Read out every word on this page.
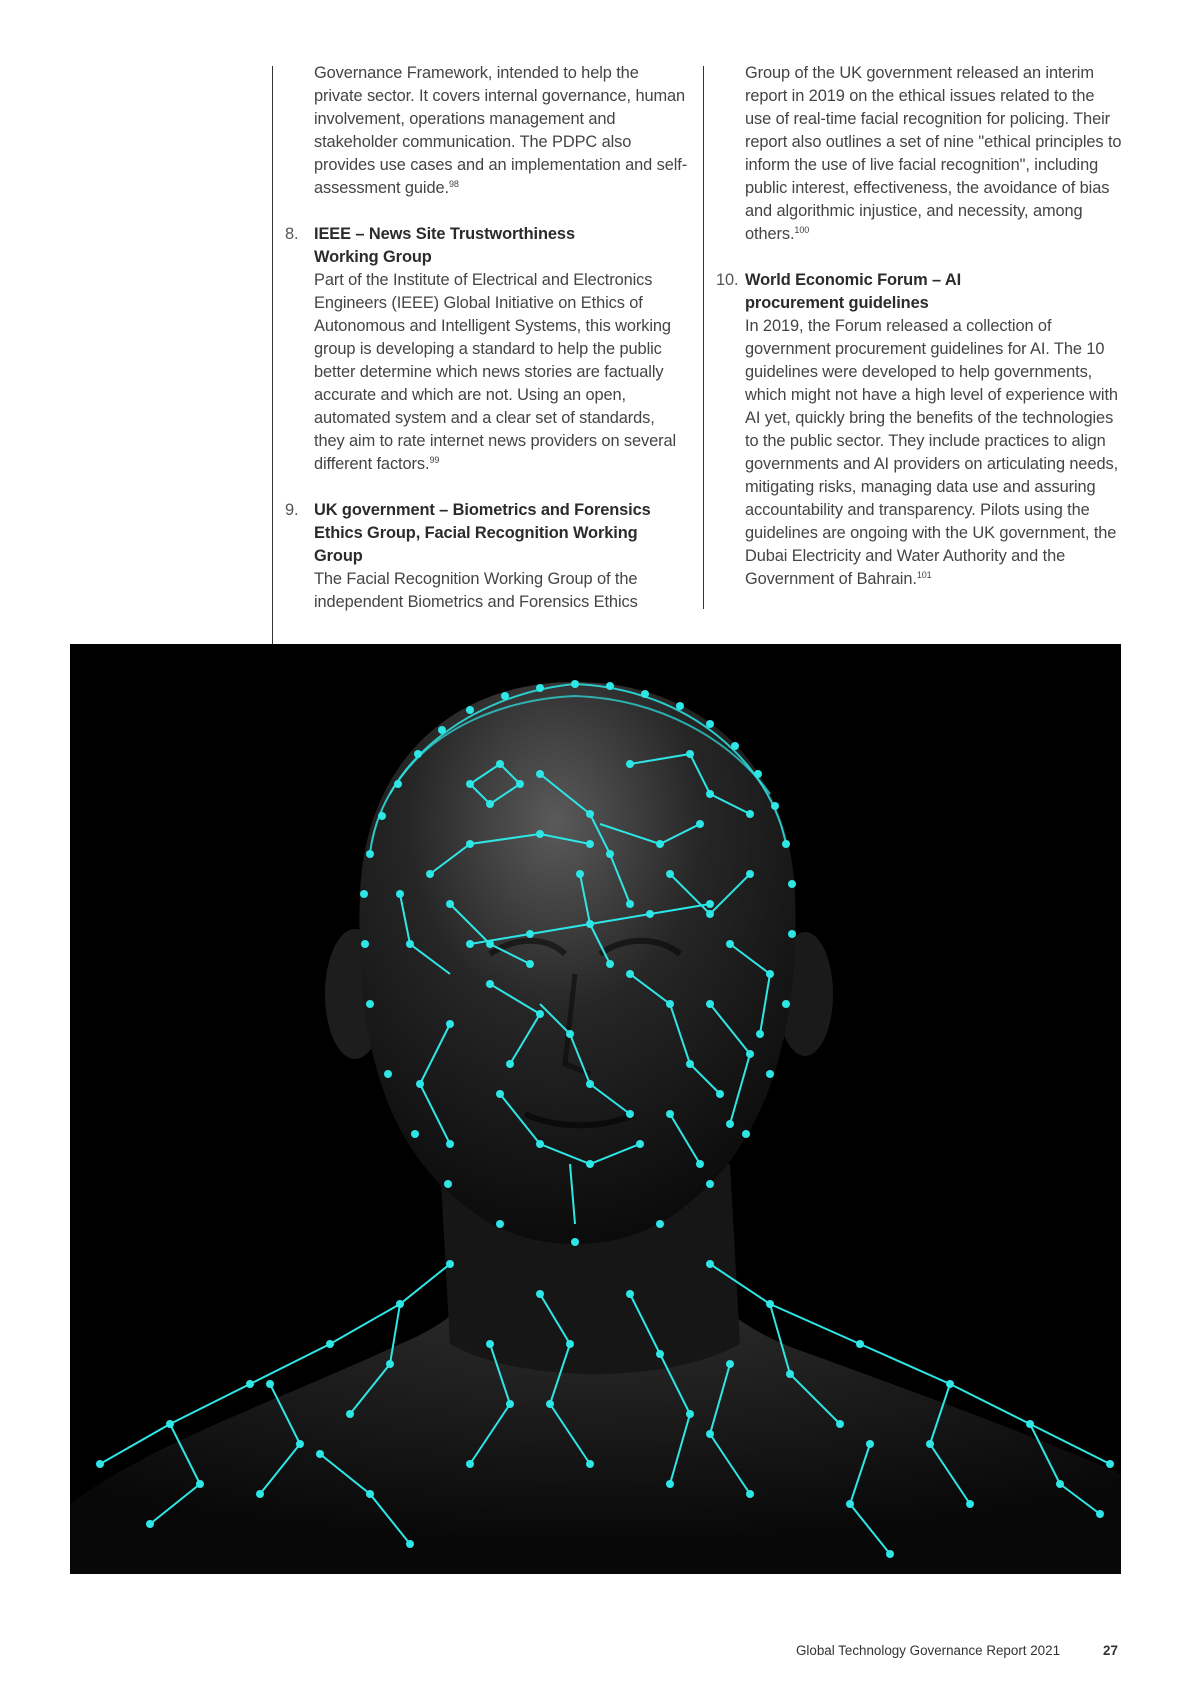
Governance Framework, intended to help the private sector. It covers internal governance, human involvement, operations management and stakeholder communication. The PDPC also provides use cases and an implementation and self-assessment guide.$^{98}$

8. IEEE – News Site Trustworthiness Working Group

Part of the Institute of Electrical and Electronics Engineers (IEEE) Global Initiative on Ethics of Autonomous and Intelligent Systems, this working group is developing a standard to help the public better determine which news stories are factually accurate and which are not. Using an open, automated system and a clear set of standards, they aim to rate internet news providers on several different factors.$^{99}$

9. UK government – Biometrics and Forensics Ethics Group, Facial Recognition Working Group

The Facial Recognition Working Group of the independent Biometrics and Forensics Ethics

Group of the UK government released an interim report in 2019 on the ethical issues related to the use of real-time facial recognition for policing. Their report also outlines a set of nine "ethical principles to inform the use of live facial recognition", including public interest, effectiveness, the avoidance of bias and algorithmic injustice, and necessity, among others.$^{100}$

10. World Economic Forum – AI procurement guidelines

In 2019, the Forum released a collection of government procurement guidelines for AI. The 10 guidelines were developed to help governments, which might not have a high level of experience with AI yet, quickly bring the benefits of the technologies to the public sector. They include practices to align governments and AI providers on articulating needs, mitigating risks, managing data use and assuring accountability and transparency. Pilots using the guidelines are ongoing with the UK government, the Dubai Electricity and Water Authority and the Government of Bahrain.$^{101}$

Global Technology Governance Report 2021	27
